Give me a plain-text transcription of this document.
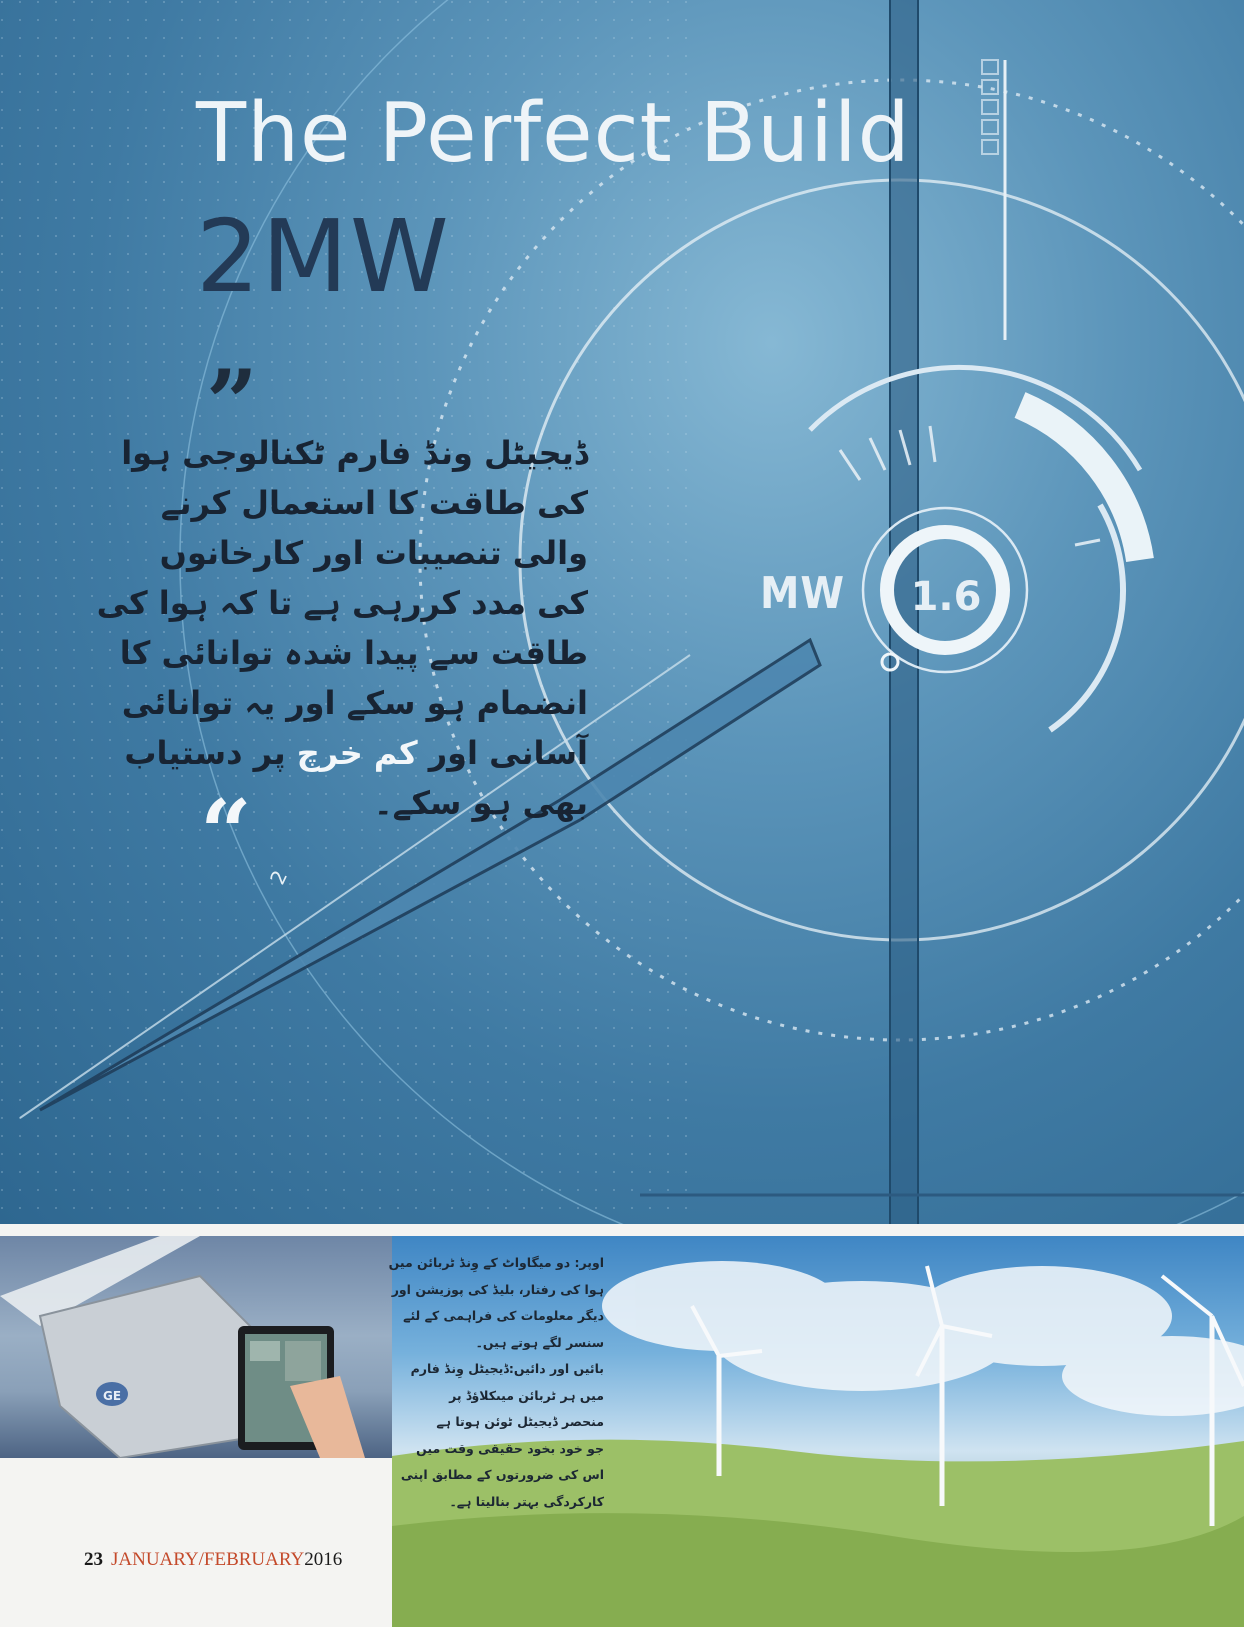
2
The Perfect Build
2MW
”
ڈیجیٹل ونڈ فارم ٹکنالوجی ہوا
کی طاقت کا استعمال کرنے
والی تنصیبات اور کارخانوں
کی مدد کررہی ہے تا کہ ہوا کی
طاقت سے پیدا شدہ توانائی کا
انضمام ہو سکے اور یہ توانائی
آسانی اور کم خرچ پر دستیاب
بھی ہو سکے۔
“
MW 1.6
GE
اوپر: دو میگاواٹ کے وِنڈ ٹربائن میں
ہوا کی رفتار، بلیڈ کی پوزیشن اور
دیگر معلومات کی فراہمی کے لئے
سنسر لگے ہوتے ہیں۔
بائیں اور دائیں:ڈیجیٹل وِنڈ فارم
میں ہر ٹربائن میںکلاؤڈ پر
منحصر ڈیجیٹل ٹوئن ہوتا ہے
جو خود بخود حقیقی وقت میں
اس کی ضرورتوں کے مطابق اپنی
کارکردگی بہتر بنالیتا ہے۔
23 JANUARY/FEBRUARY2016
